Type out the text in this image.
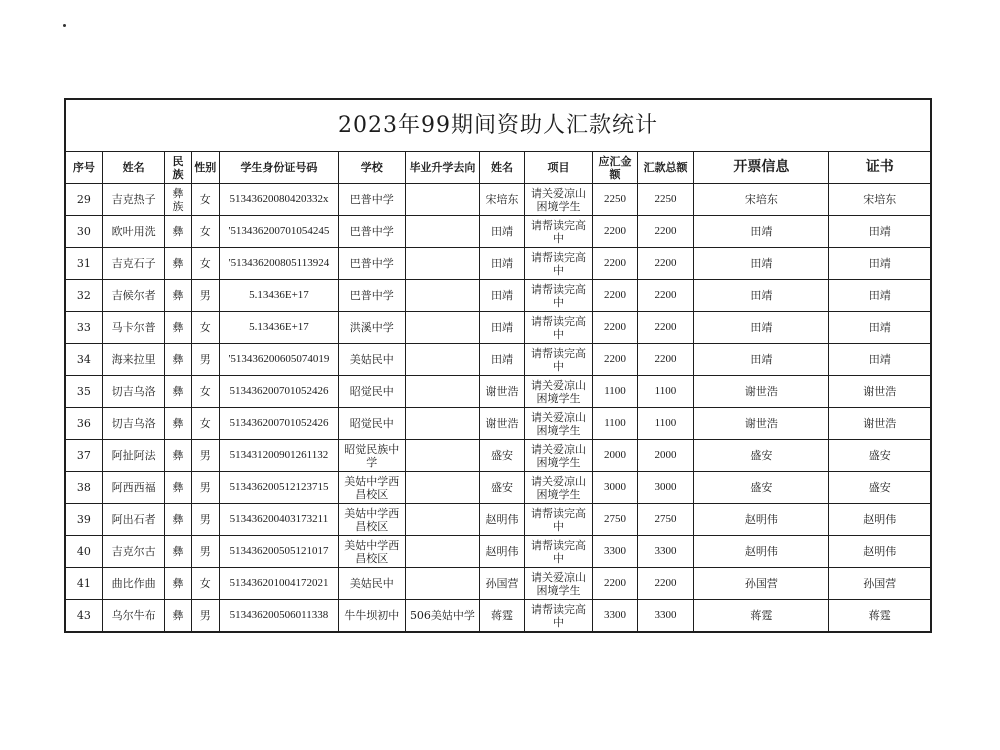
2023年99期间资助人汇款统计
序号	姓名	民族	性别	学生身份证号码	学校	毕业升学去向	姓名	项目	应汇金额	汇款总额	开票信息	证书
29	吉克热子	彝族	女	51343620080420332x	巴普中学		宋培东	请关爱凉山困境学生	2250	2250	宋培东	宋培东
30	欧叶用洗	彝	女	'513436200701054245	巴普中学		田靖	请帮读完高中	2200	2200	田靖	田靖
31	吉克石子	彝	女	'513436200805113924	巴普中学		田靖	请帮读完高中	2200	2200	田靖	田靖
32	吉候尔者	彝	男	5.13436E+17	巴普中学		田靖	请帮读完高中	2200	2200	田靖	田靖
33	马卡尔普	彝	女	5.13436E+17	洪溪中学		田靖	请帮读完高中	2200	2200	田靖	田靖
34	海来拉里	彝	男	'513436200605074019	美姑民中		田靖	请帮读完高中	2200	2200	田靖	田靖
35	切吉乌洛	彝	女	513436200701052426	昭觉民中		谢世浩	请关爱凉山困境学生	1100	1100	谢世浩	谢世浩
36	切吉乌洛	彝	女	513436200701052426	昭觉民中		谢世浩	请关爱凉山困境学生	1100	1100	谢世浩	谢世浩
37	阿扯阿法	彝	男	513431200901261132	昭觉民族中学		盛安	请关爱凉山困境学生	2000	2000	盛安	盛安
38	阿西西福	彝	男	513436200512123715	美姑中学西昌校区		盛安	请关爱凉山困境学生	3000	3000	盛安	盛安
39	阿出石者	彝	男	513436200403173211	美姑中学西昌校区		赵明伟	请帮读完高中	2750	2750	赵明伟	赵明伟
40	吉克尔古	彝	男	513436200505121017	美姑中学西昌校区		赵明伟	请帮读完高中	3300	3300	赵明伟	赵明伟
41	曲比作曲	彝	女	513436201004172021	美姑民中		孙国营	请关爱凉山困境学生	2200	2200	孙国营	孙国营
43	乌尔牛布	彝	男	513436200506011338	牛牛坝初中	506美姑中学	蒋霆	请帮读完高中	3300	3300	蒋霆	蒋霆
